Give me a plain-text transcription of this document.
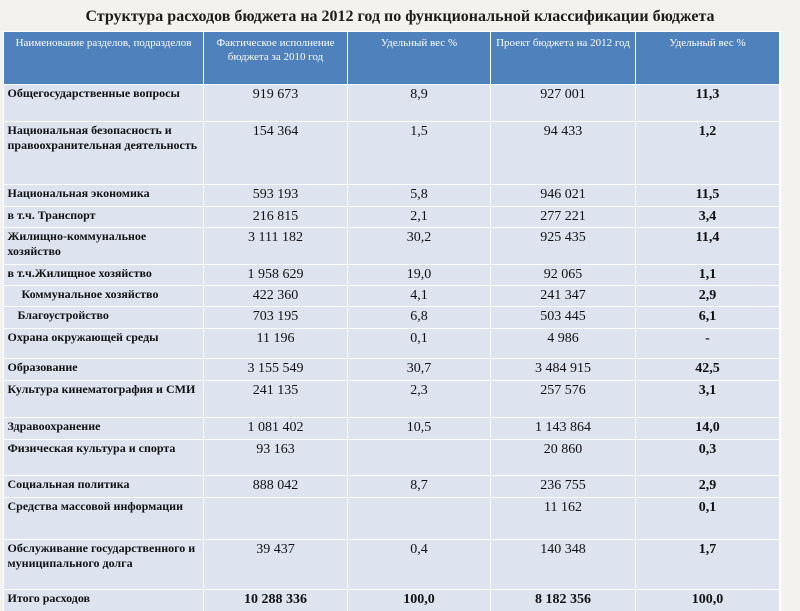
Структура расходов бюджета на 2012 год по функциональной классификации бюджета
Наименование разделов, подразделов	Фактическое исполнение бюджета за 2010 год	Удельный вес %	Проект бюджета на 2012 год	Удельный вес %
Общегосударственные вопросы	919 673	8,9	927 001	11,3
Национальная безопасность и правоохранительная деятельность	154 364	1,5	94 433	1,2
Национальная экономика	593 193	5,8	946 021	11,5
в т.ч. Транспорт	216 815	2,1	277 221	3,4
Жилищно-коммунальное хозяйство	3 111 182	30,2	925 435	11,4
в т.ч.Жилищное хозяйство	1 958 629	19,0	92 065	1,1
Коммунальное хозяйство	422 360	4,1	241 347	2,9
Благоустройство	703 195	6,8	503 445	6,1
Охрана окружающей среды	11 196	0,1	4 986	-
Образование	3 155 549	30,7	3 484 915	42,5
Культура кинематография и СМИ	241 135	2,3	257 576	3,1
Здравоохранение	1 081 402	10,5	1 143 864	14,0
Физическая культура и спорта	93 163		20 860	0,3
Социальная политика	888 042	8,7	236 755	2,9
Средства массовой информации			11 162	0,1
Обслуживание государственного и муниципального долга	39 437	0,4	140 348	1,7
Итого расходов	10 288 336	100,0	8 182 356	100,0
